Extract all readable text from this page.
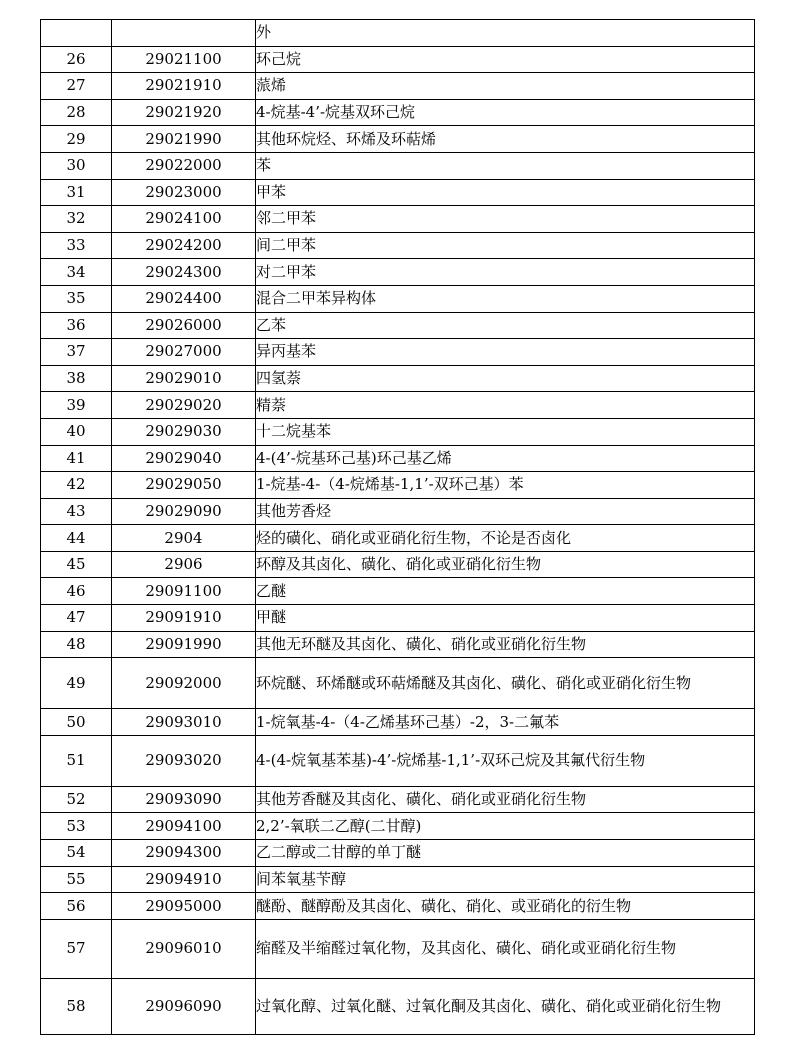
		外
26	29021100	环己烷
27	29021910	蒎烯
28	29021920	4-烷基-4’-烷基双环己烷
29	29021990	其他环烷烃、环烯及环萜烯
30	29022000	苯
31	29023000	甲苯
32	29024100	邻二甲苯
33	29024200	间二甲苯
34	29024300	对二甲苯
35	29024400	混合二甲苯异构体
36	29026000	乙苯
37	29027000	异丙基苯
38	29029010	四氢萘
39	29029020	精萘
40	29029030	十二烷基苯
41	29029040	4-(4’-烷基环己基)环己基乙烯
42	29029050	1-烷基-4-（4-烷烯基-1,1’-双环己基）苯
43	29029090	其他芳香烃
44	2904	烃的磺化、硝化或亚硝化衍生物，不论是否卤化
45	2906	环醇及其卤化、磺化、硝化或亚硝化衍生物
46	29091100	乙醚
47	29091910	甲醚
48	29091990	其他无环醚及其卤化、磺化、硝化或亚硝化衍生物
49	29092000	环烷醚、环烯醚或环萜烯醚及其卤化、磺化、硝化或亚硝化衍生物
50	29093010	1-烷氧基-4-（4-乙烯基环己基）-2，3-二氟苯
51	29093020	4-(4-烷氧基苯基)-4’-烷烯基-1,1’-双环己烷及其氟代衍生物
52	29093090	其他芳香醚及其卤化、磺化、硝化或亚硝化衍生物
53	29094100	2,2’-氧联二乙醇(二甘醇)
54	29094300	乙二醇或二甘醇的单丁醚
55	29094910	间苯氧基苄醇
56	29095000	醚酚、醚醇酚及其卤化、磺化、硝化、或亚硝化的衍生物
57	29096010	缩醛及半缩醛过氧化物，及其卤化、磺化、硝化或亚硝化衍生物
58	29096090	过氧化醇、过氧化醚、过氧化酮及其卤化、磺化、硝化或亚硝化衍生物
